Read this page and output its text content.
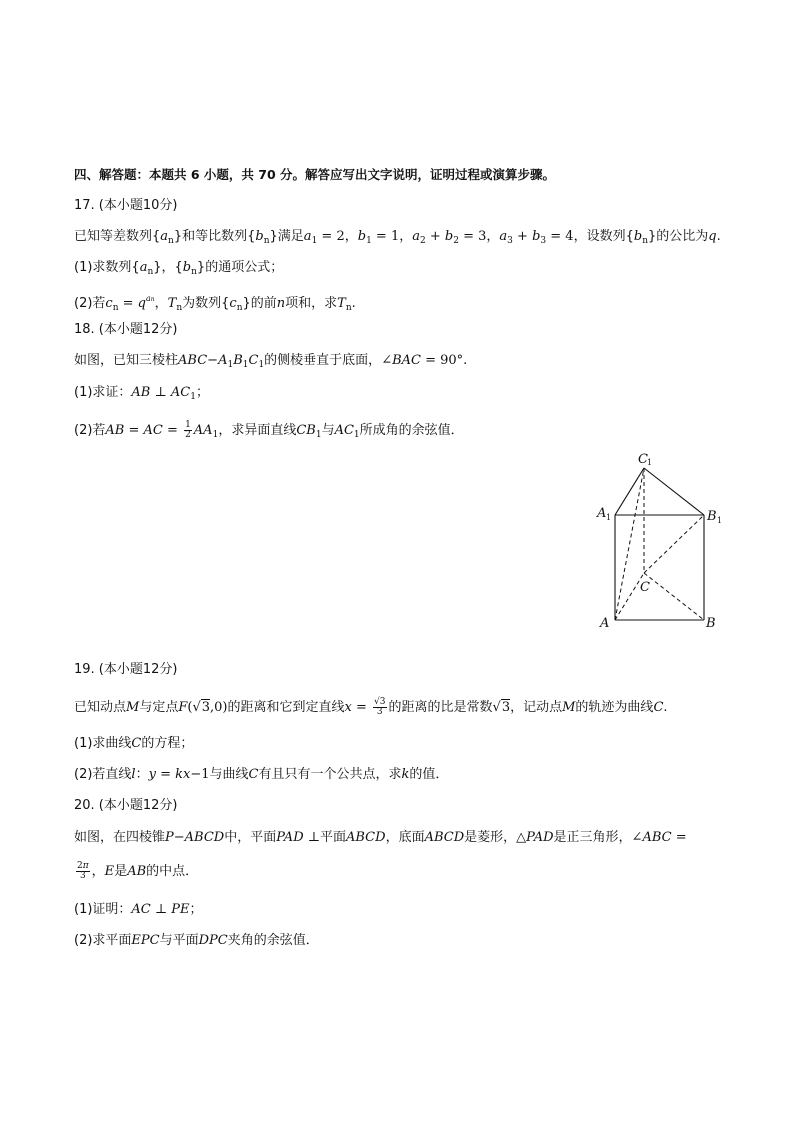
四、解答题：本题共 6 小题，共 70 分。解答应写出文字说明，证明过程或演算步骤。
17. (本小题10分)
已知等差数列$\{a_n\}$和等比数列$\{b_n\}$满足$a_1 = 2$，$b_1 = 1$，$a_2 + b_2 = 3$，$a_3 + b_3 = 4$，设数列$\{b_n\}$的公比为q.
(1)求数列$\{a_n\}$，$\{b_n\}$的通项公式；
(2)若$c_n = q^{an}$，$T_n$为数列$\{c_n\}$的前n项和，求$T_n$.
18. (本小题12分)
如图，已知三棱柱$ABC-A_1B_1C_1$的侧棱垂直于底面，∠BAC = 90°.
(1)求证：AB ⊥ $AC_1$；
(2)若AB = AC = $\frac{1}{2} AA_1$，求异面直线$CB_1$与$AC_1$所成角的余弦值．
C 1
A 1	B 1
C
A	B
19. (本小题12分)
已知动点M与定点F(√3,0)的距离和它到定直线$x = \frac{√3}{3}$ 的距离的比是常数√3，记动点M的轨迹为曲线C.
(1)求曲线C的方程；
(2)若直线l：y = kx−1与曲线C有且只有一个公共点，求k的值．
20. (本小题12分)
如图，在四棱锥P−ABCD中，平面PAD ⊥平面ABCD，底面ABCD是菱形，△PAD是正三角形，∠ABC =
$\frac{2\pi}{3}$ ，E是AB的中点．
(1)证明：AC ⊥ PE；
(2)求平面EPC与平面DPC夹角的余弦值．
